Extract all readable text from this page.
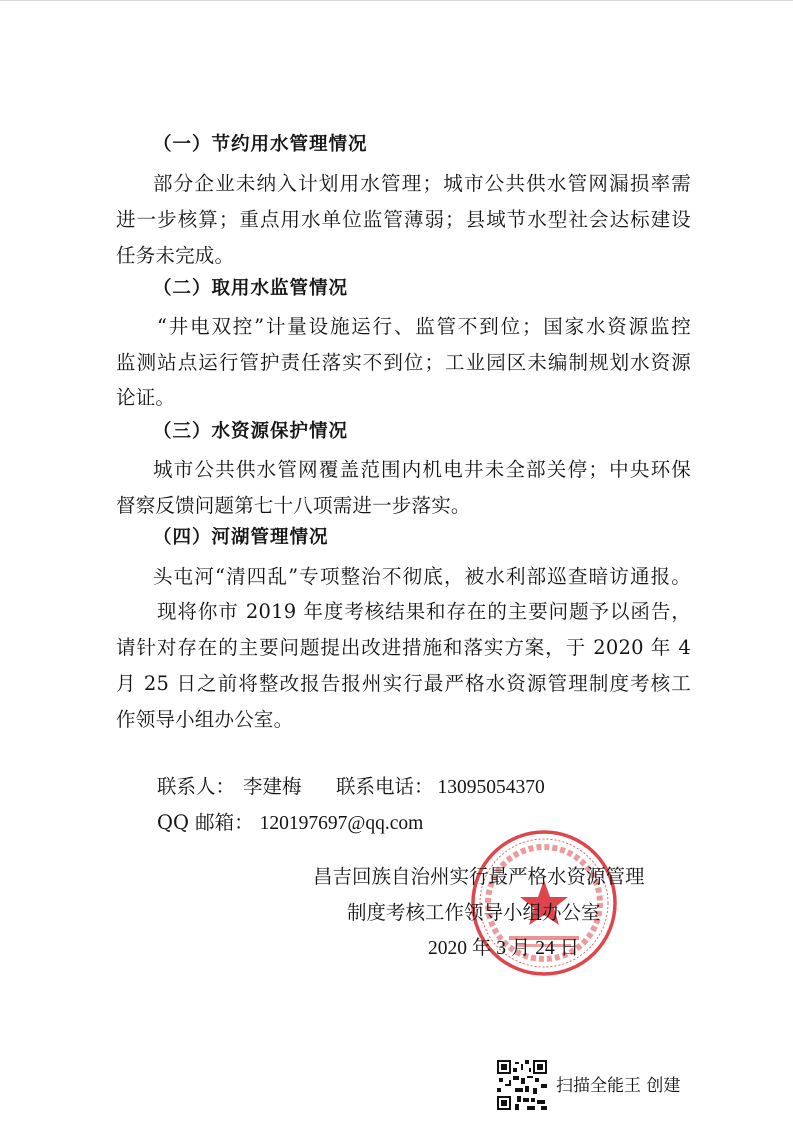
（一）节约用水管理情况
部分企业未纳入计划用水管理；城市公共供水管网漏损率需
进一步核算；重点用水单位监管薄弱；县域节水型社会达标建设
任务未完成。
（二）取用水监管情况
“井电双控”计量设施运行、监管不到位；国家水资源监控
监测站点运行管护责任落实不到位；工业园区未编制规划水资源
论证。
（三）水资源保护情况
城市公共供水管网覆盖范围内机电井未全部关停；中央环保
督察反馈问题第七十八项需进一步落实。
（四）河湖管理情况
头屯河“清四乱”专项整治不彻底，被水利部巡查暗访通报。
现将你市 2019 年度考核结果和存在的主要问题予以函告，
请针对存在的主要问题提出改进措施和落实方案，于 2020 年 4
月 25 日之前将整改报告报州实行最严格水资源管理制度考核工
作领导小组办公室。
联系人： 李建梅 联系电话： 13095054370
QQ 邮箱： 120197697@qq.com
昌吉回族自治州实行最严格水资源管理
制度考核工作领导小组办公室
2020 年 3 月 24 日
扫描全能王 创建
